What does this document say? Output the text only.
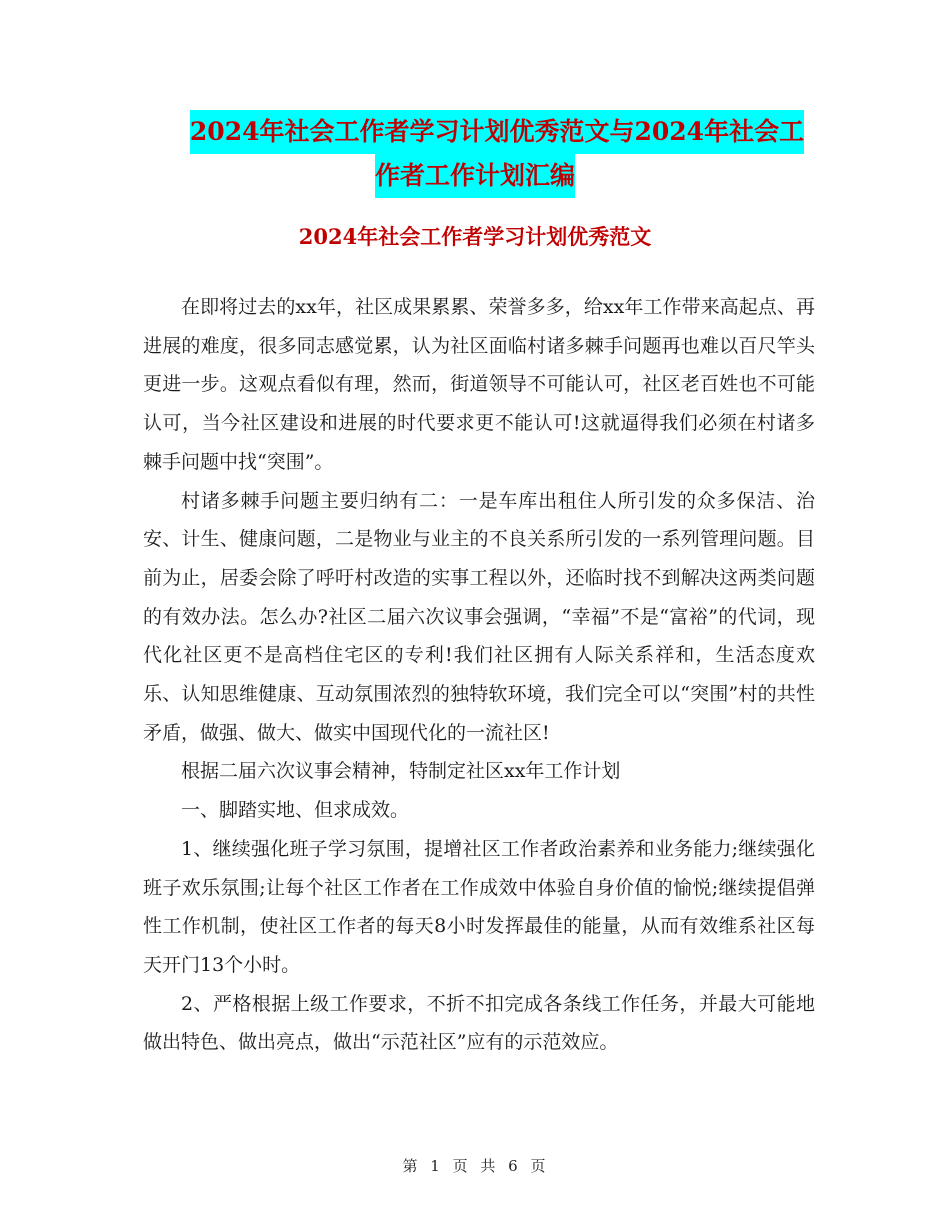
2024年社会工作者学习计划优秀范文与2024年社会工
作者工作计划汇编
2024年社会工作者学习计划优秀范文

在即将过去的xx年，社区成果累累、荣誉多多，给xx年工作带来高起点、再进展的难度，很多同志感觉累，认为社区面临村诸多棘手问题再也难以百尺竿头更进一步。这观点看似有理，然而，街道领导不可能认可，社区老百姓也不可能认可，当今社区建设和进展的时代要求更不能认可!这就逼得我们必须在村诸多棘手问题中找“突围”。

村诸多棘手问题主要归纳有二：一是车库出租住人所引发的众多保洁、治安、计生、健康问题，二是物业与业主的不良关系所引发的一系列管理问题。目前为止，居委会除了呼吁村改造的实事工程以外，还临时找不到解决这两类问题的有效办法。怎么办?社区二届六次议事会强调，“幸福”不是“富裕”的代词，现代化社区更不是高档住宅区的专利!我们社区拥有人际关系祥和，生活态度欢乐、认知思维健康、互动氛围浓烈的独特软环境，我们完全可以“突围”村的共性矛盾，做强、做大、做实中国现代化的一流社区!

根据二届六次议事会精神，特制定社区xx年工作计划

一、脚踏实地、但求成效。

1、继续强化班子学习氛围，提增社区工作者政治素养和业务能力;继续强化班子欢乐氛围;让每个社区工作者在工作成效中体验自身价值的愉悦;继续提倡弹性工作机制，使社区工作者的每天8小时发挥最佳的能量，从而有效维系社区每天开门13个小时。

2、严格根据上级工作要求，不折不扣完成各条线工作任务，并最大可能地做出特色、做出亮点，做出“示范社区”应有的示范效应。

第 1 页 共 6 页
